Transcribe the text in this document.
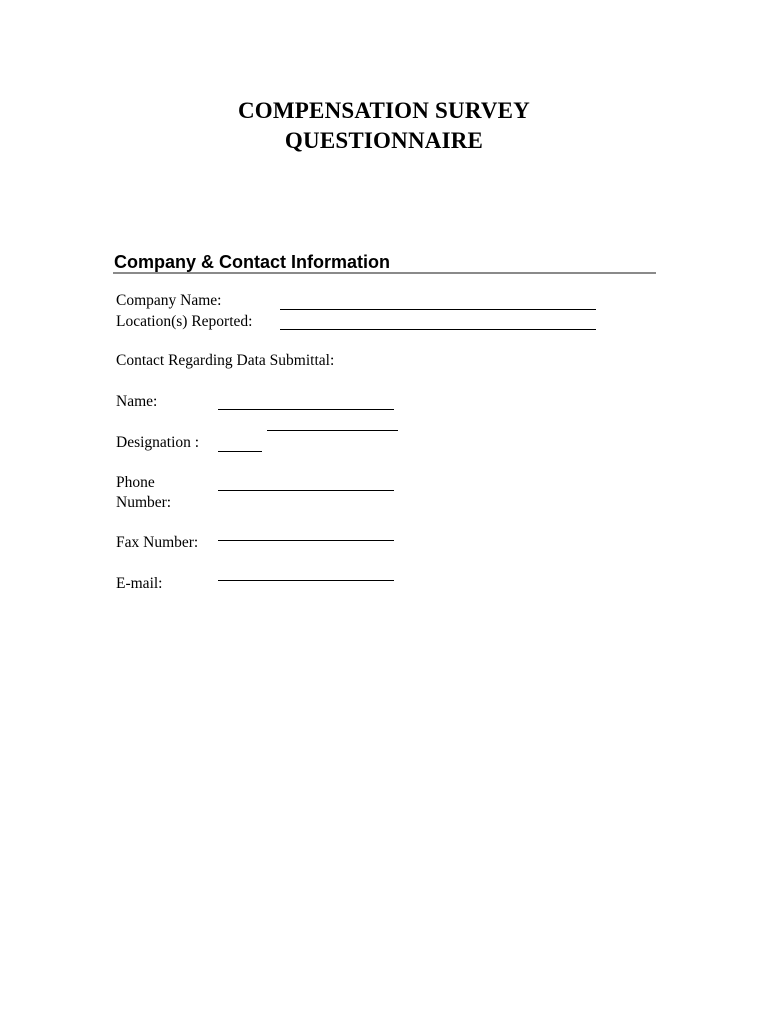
COMPENSATION SURVEY
QUESTIONNAIRE
Company & Contact Information
Company Name:
Location(s) Reported:
Contact Regarding Data Submittal:
Name:
Designation :
Phone
Number:
Fax Number:
E-mail:
